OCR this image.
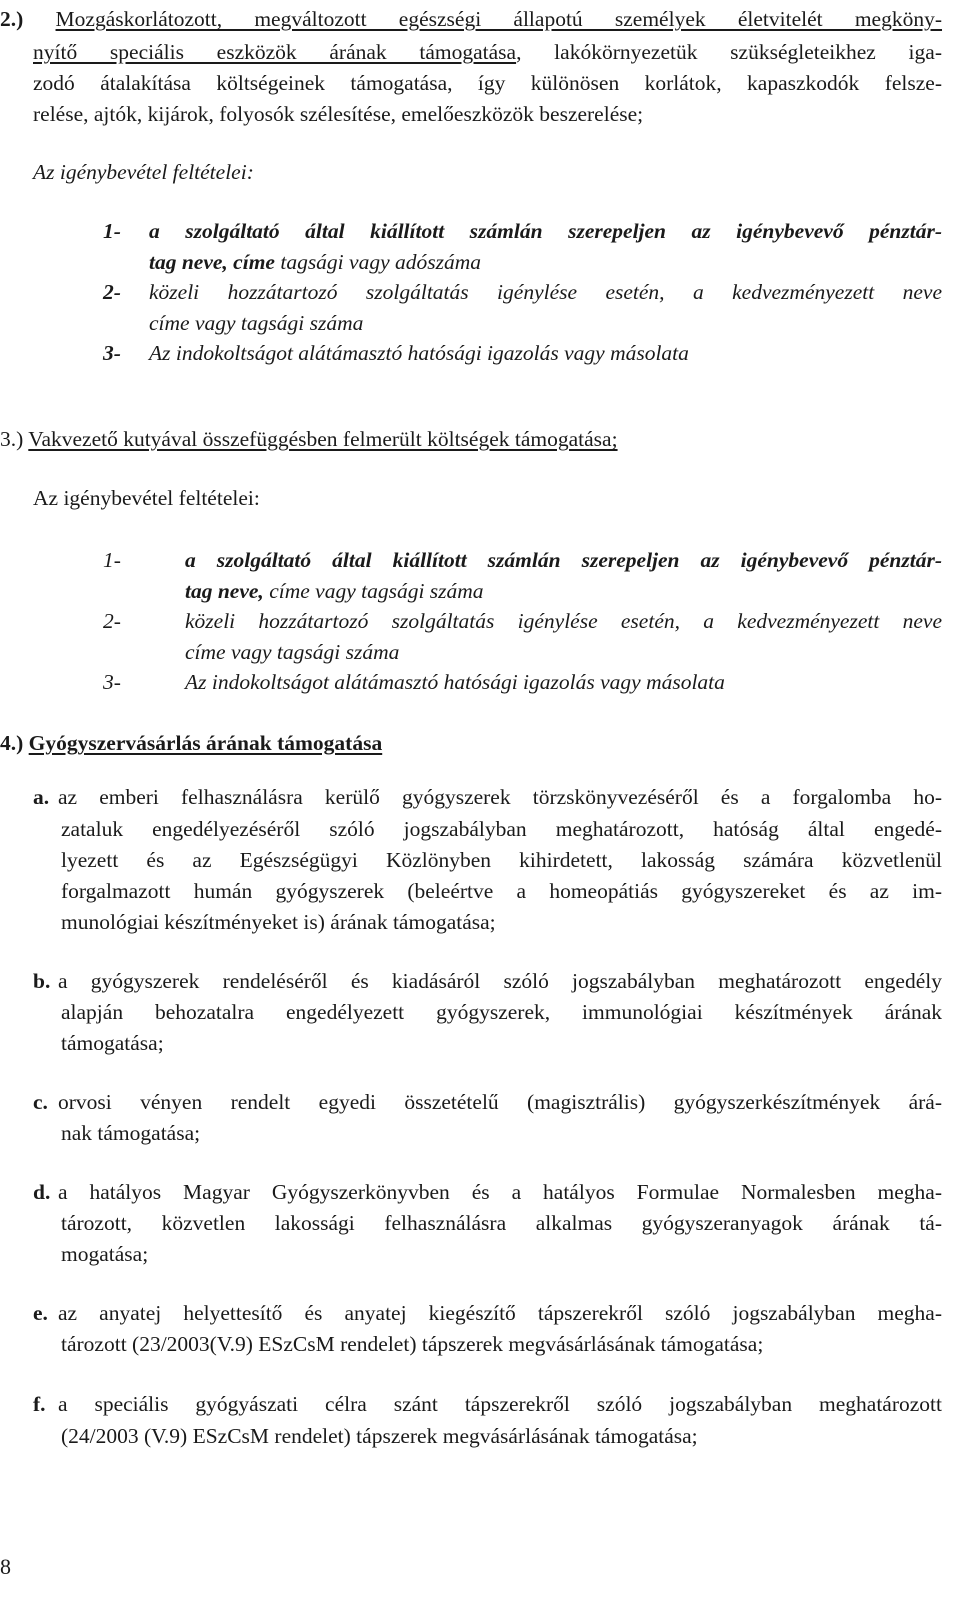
2.) Mozgáskorlátozott, megváltozott egészségi állapotú személyek életvitelét megköny-
nyítő speciális eszközök árának támogatása, lakókörnyezetük szükségleteikhez iga-
zodó átalakítása költségeinek támogatása, így különösen korlátok, kapaszkodók felsze-
relése, ajtók, kijárok, folyosók szélesítése, emelőeszközök beszerelése;
Az igénybevétel feltételei:
1- a szolgáltató által kiállított számlán szerepeljen az igénybevevő pénztár-
tag neve, címe tagsági vagy adószáma
2- közeli hozzátartozó szolgáltatás igénylése esetén, a kedvezményezett neve
címe vagy tagsági száma
3- Az indokoltságot alátámasztó hatósági igazolás vagy másolata
3.) Vakvezető kutyával összefüggésben felmerült költségek támogatása;
Az igénybevétel feltételei:
1-	a szolgáltató által kiállított számlán szerepeljen az igénybevevő pénztár-
tag neve, címe vagy tagsági száma
2-	közeli hozzátartozó szolgáltatás igénylése esetén, a kedvezményezett neve
címe vagy tagsági száma
3-	Az indokoltságot alátámasztó hatósági igazolás vagy másolata
4.) Gyógyszervásárlás árának támogatása
a. az emberi felhasználásra kerülő gyógyszerek törzskönyvezéséről és a forgalomba ho-
zataluk engedélyezéséről szóló jogszabályban meghatározott, hatóság által engedé-
lyezett és az Egészségügyi Közlönyben kihirdetett, lakosság számára közvetlenül
forgalmazott humán gyógyszerek (beleértve a homeopátiás gyógyszereket és az im-
munológiai készítményeket is) árának támogatása;
b. a gyógyszerek rendeléséről és kiadásáról szóló jogszabályban meghatározott engedély
alapján behozatalra engedélyezett gyógyszerek, immunológiai készítmények árának
támogatása;
c. orvosi vényen rendelt egyedi összetételű (magisztrális) gyógyszerkészítmények árá-
nak támogatása;
d. a hatályos Magyar Gyógyszerkönyvben és a hatályos Formulae Normalesben megha-
tározott, közvetlen lakossági felhasználásra alkalmas gyógyszeranyagok árának tá-
mogatása;
e. az anyatej helyettesítő és anyatej kiegészítő tápszerekről szóló jogszabályban megha-
tározott (23/2003(V.9) ESzCsM rendelet) tápszerek megvásárlásának támogatása;
f. a speciális gyógyászati célra szánt tápszerekről szóló jogszabályban meghatározott
(24/2003 (V.9) ESzCsM rendelet) tápszerek megvásárlásának támogatása;
8
